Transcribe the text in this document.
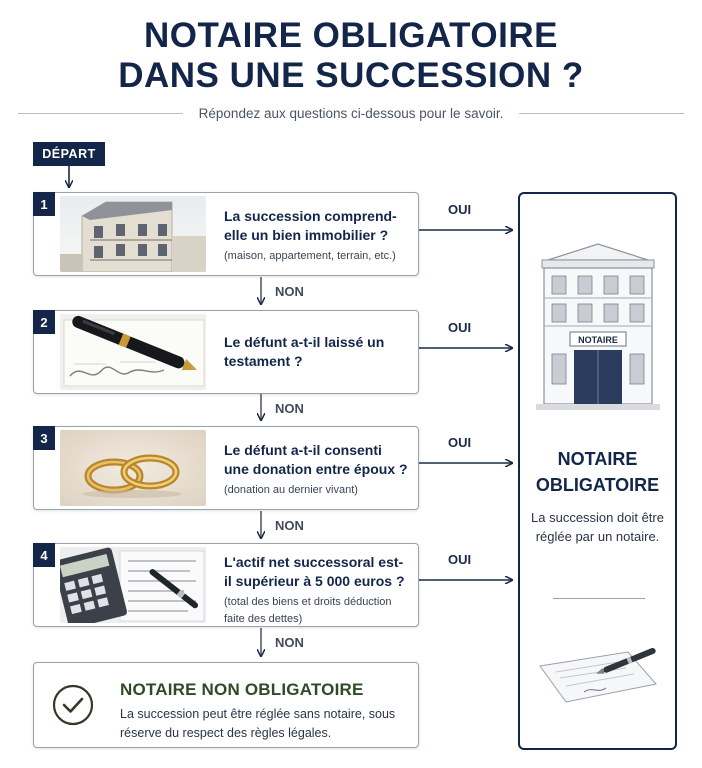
NOTAIRE OBLIGATOIRE
DANS UNE SUCCESSION ?
Répondez aux questions ci-dessous pour le savoir.
DÉPART
OUI
OUI
OUI
OUI
NON
NON
NON
NON
1
La succession comprend-elle un bien immobilier ?
(maison, appartement, terrain, etc.)
2
Le défunt a-t-il laissé un testament ?
3
Le défunt a-t-il consenti une donation entre époux ?
(donation au dernier vivant)
4	L'actif net successoral est-il supérieur à 5 000 euros ?
(total des biens et droits déduction faite des dettes)
NOTAIRE
NOTAIRE OBLIGATOIRE
La succession doit être réglée par un notaire.
NOTAIRE NON OBLIGATOIRE
La succession peut être réglée sans notaire, sous réserve du respect des règles légales.
